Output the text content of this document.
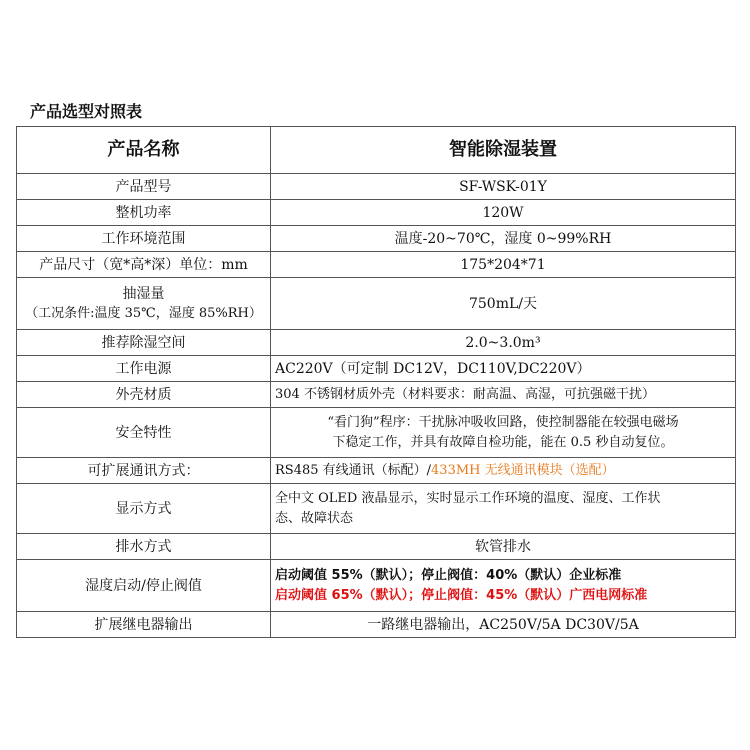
产品选型对照表
产品名称	智能除湿装置
产品型号	SF-WSK-01Y
整机功率	120W
工作环境范围	温度-20~70℃，湿度 0~99%RH
产品尺寸（宽*高*深）单位：mm	175*204*71

抽湿量
（工况条件:温度 35℃，湿度 85%RH）	750mL/天
推荐除湿空间	2.0~3.0m³
工作电源	AC220V（可定制 DC12V，DC110V,DC220V）
外壳材质	304 不锈钢材质外壳（材料要求：耐高温、高湿，可抗强磁干扰）
安全特性	“看门狗”程序：干扰脉冲吸收回路，使控制器能在较强电磁场
下稳定工作，并具有故障自检功能，能在 0.5 秒自动复位。

可扩展通讯方式：	RS485 有线通讯（标配）/433MH 无线通讯模块（选配）
显示方式	全中文 OLED 液晶显示，实时显示工作环境的温度、湿度、工作状
态、故障状态

排水方式	软管排水
湿度启动/停止阀值	启动阈值 55%（默认）；停止阀值：40%（默认）企业标准
启动阈值 65%（默认）；停止阀值：45%（默认）广西电网标准

扩展继电器输出	一路继电器输出，AC250V/5A DC30V/5A
